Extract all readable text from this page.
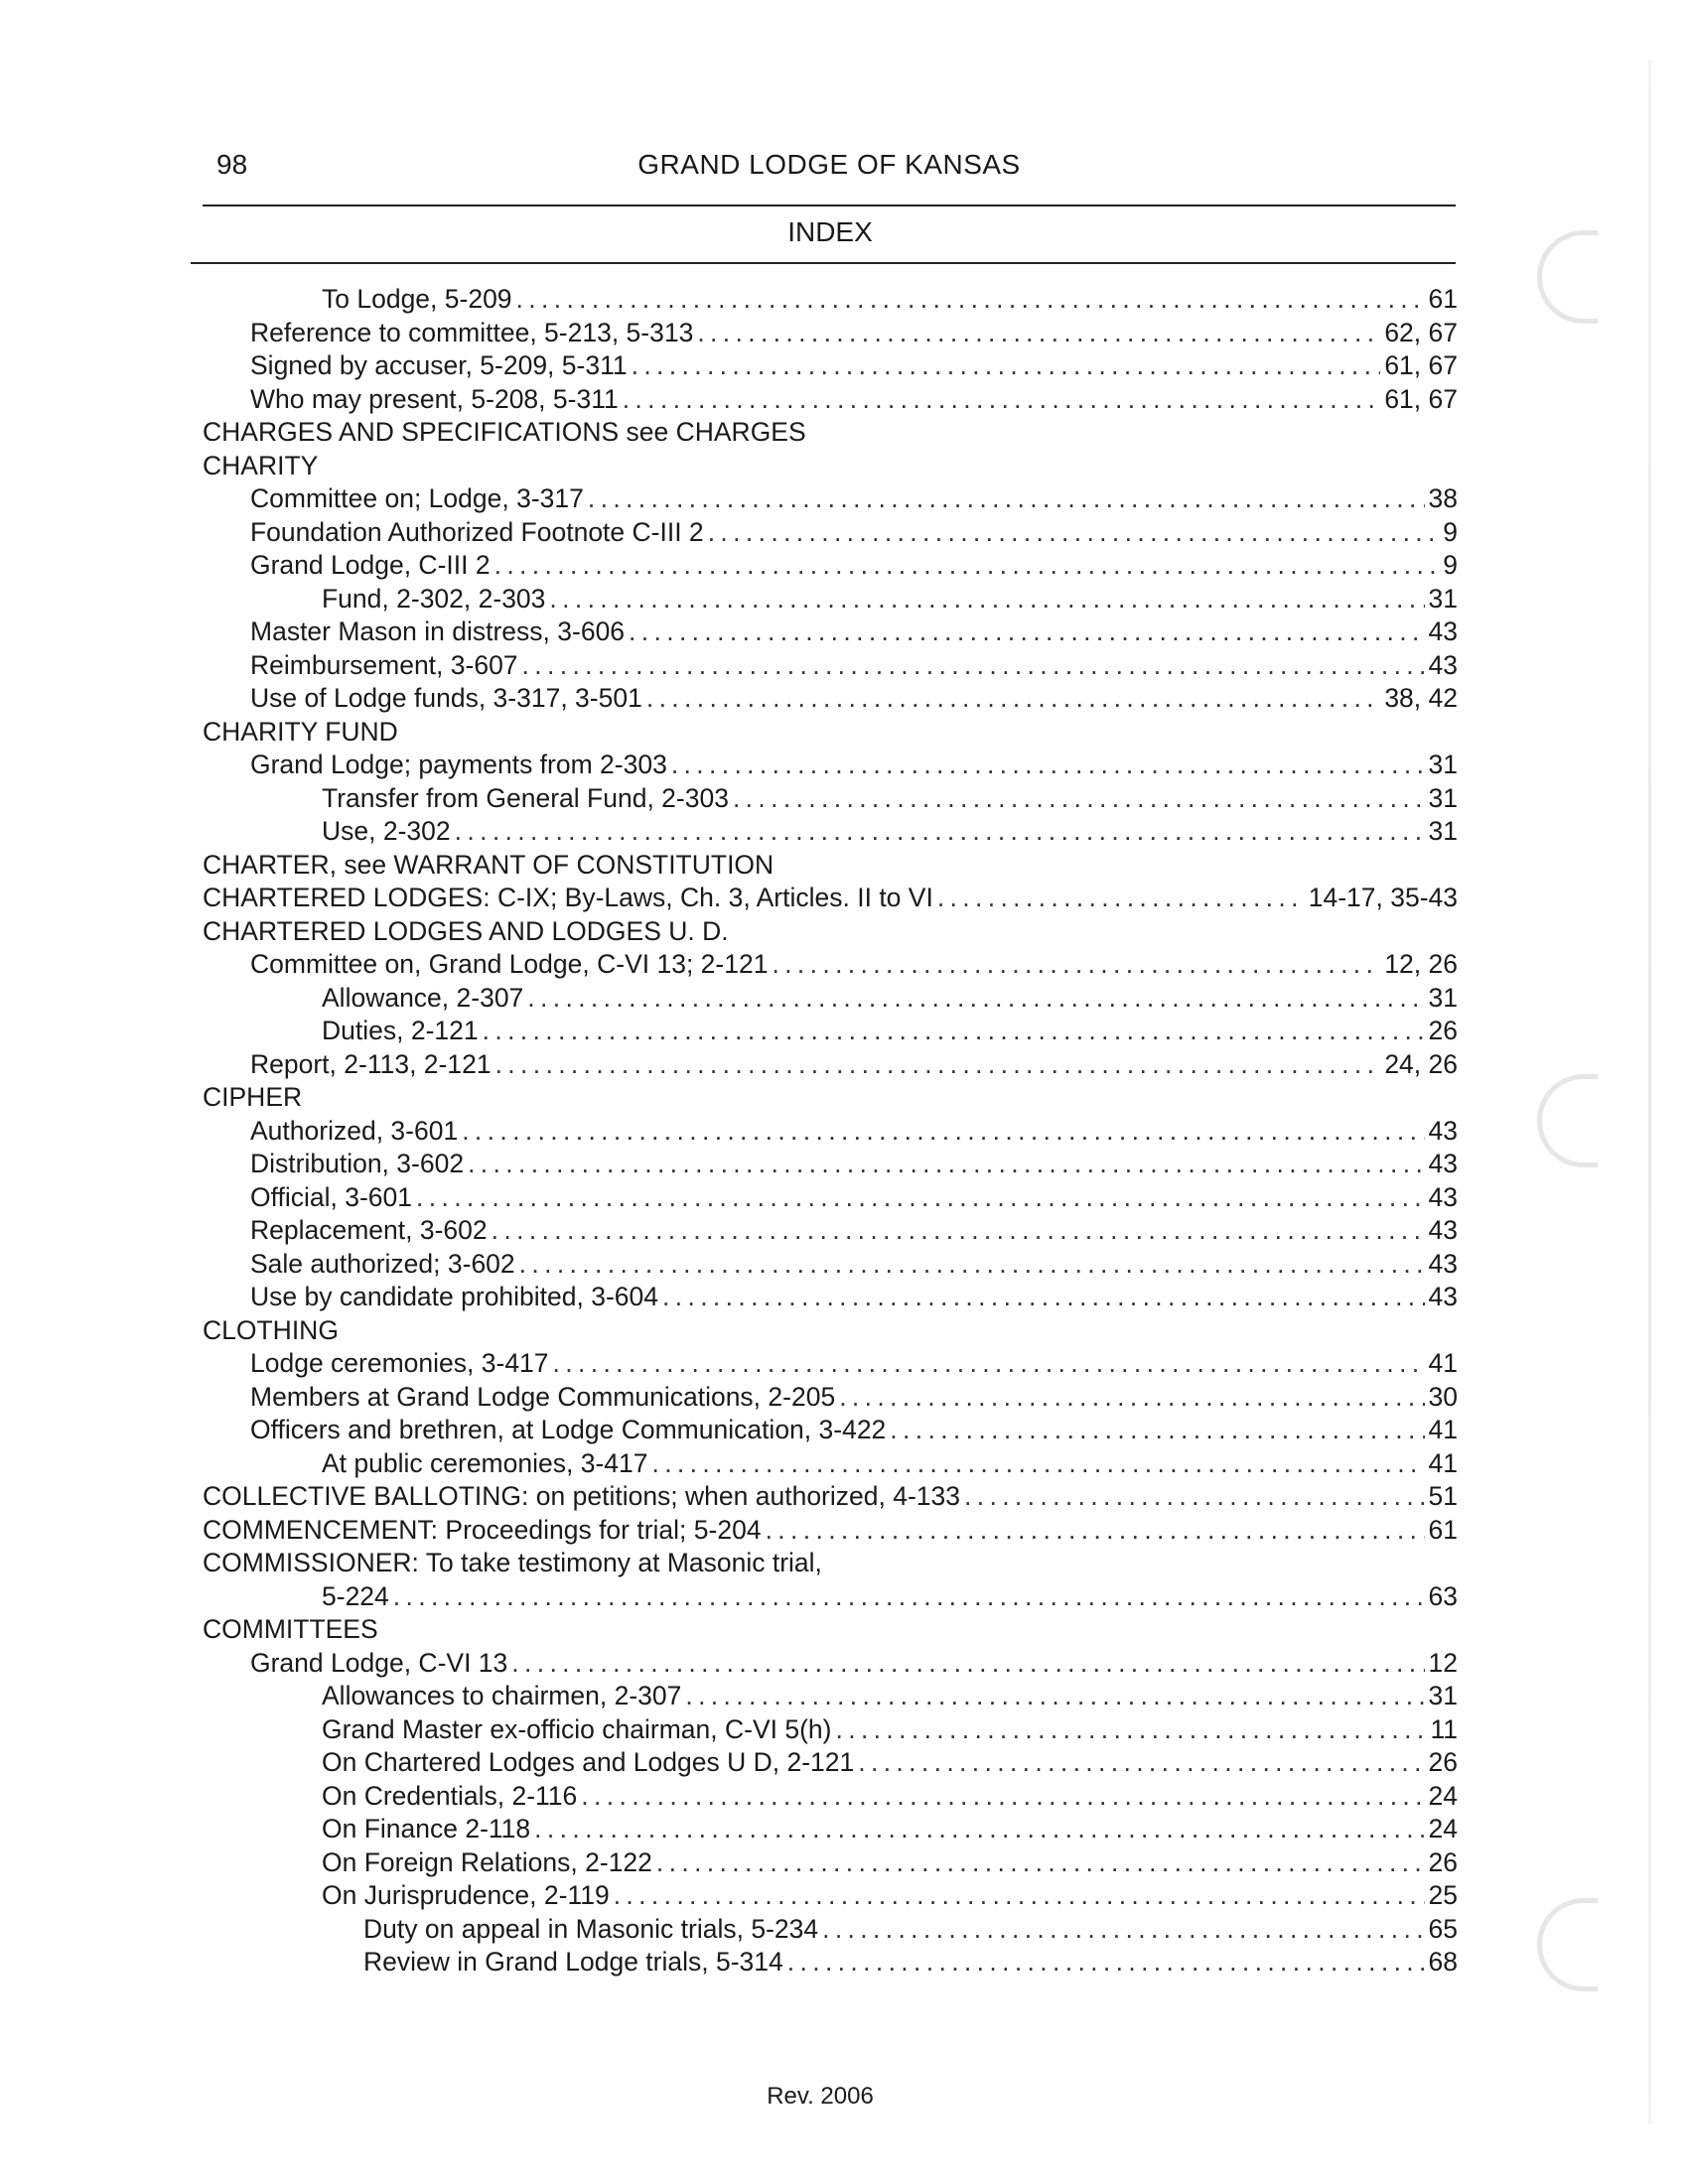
98	GRAND LODGE OF KANSAS
INDEX
To Lodge, 5-209 . . .	61
Reference to committee, 5-213, 5-313 . . .	62, 67
Signed by accuser, 5-209, 5-311 . . .	61, 67
Who may present, 5-208, 5-311 . . .	61, 67
CHARGES AND SPECIFICATIONS see CHARGES
CHARITY
Committee on; Lodge, 3-317 . . .	38
Foundation Authorized Footnote C-III 2 . . .	9
Grand Lodge, C-III 2 . . .	9
Fund, 2-302, 2-303 . . .	31
Master Mason in distress, 3-606 . . .	43
Reimbursement, 3-607 . . .	43
Use of Lodge funds, 3-317, 3-501 . . .	38, 42
CHARITY FUND
Grand Lodge; payments from 2-303 . . .	31
Transfer from General Fund, 2-303 . . .	31
Use, 2-302 . . .	31
CHARTER, see WARRANT OF CONSTITUTION
CHARTERED LODGES: C-IX; By-Laws, Ch. 3, Articles. II to VI . . .	14-17, 35-43
CHARTERED LODGES AND LODGES U. D.
Committee on, Grand Lodge, C-VI 13; 2-121 . . .	12, 26
Allowance, 2-307 . . .	31
Duties, 2-121 . . .	26
Report, 2-113, 2-121 . . .	24, 26
CIPHER
Authorized, 3-601 . . .	43
Distribution, 3-602 . . .	43
Official, 3-601 . . .	43
Replacement, 3-602 . . .	43
Sale authorized; 3-602 . . .	43
Use by candidate prohibited, 3-604 . . .	43
CLOTHING
Lodge ceremonies, 3-417 . . .	41
Members at Grand Lodge Communications, 2-205 . . .	30
Officers and brethren, at Lodge Communication, 3-422 . . .	41
At public ceremonies, 3-417 . . .	41
COLLECTIVE BALLOTING: on petitions; when authorized, 4-133 . . .	51
COMMENCEMENT: Proceedings for trial; 5-204 . . .	61
COMMISSIONER: To take testimony at Masonic trial,
5-224 . . .	63
COMMITTEES
Grand Lodge, C-VI 13 . . .	12
Allowances to chairmen, 2-307 . . .	31
Grand Master ex-officio chairman, C-VI 5(h) . . .	11
On Chartered Lodges and Lodges U D, 2-121 . . .	26
On Credentials, 2-116 . . .	24
On Finance 2-118 . . .	24
On Foreign Relations, 2-122 . . .	26
On Jurisprudence, 2-119 . . .	25
Duty on appeal in Masonic trials, 5-234 . . .	65
Review in Grand Lodge trials, 5-314 . . .	68
Rev. 2006
